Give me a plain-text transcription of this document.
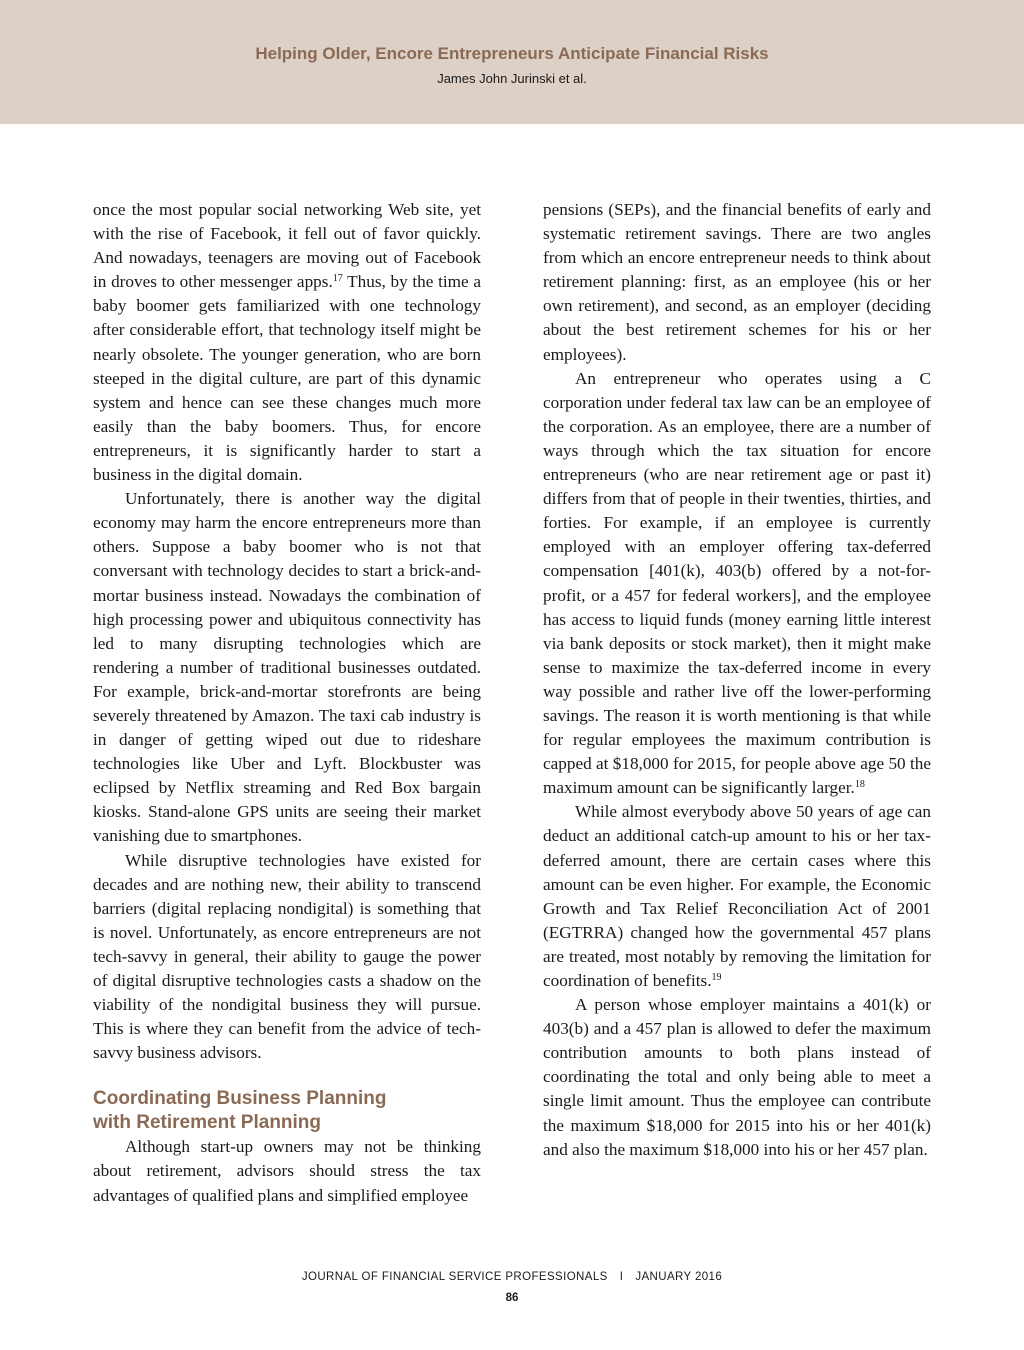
Helping Older, Encore Entrepreneurs Anticipate Financial Risks
James John Jurinski et al.

once the most popular social networking Web site, yet with the rise of Facebook, it fell out of favor quickly. And nowadays, teenagers are moving out of Facebook in droves to other messenger apps.$^{17}$ Thus, by the time a baby boomer gets familiarized with one technology after considerable effort, that technology itself might be nearly obsolete. The younger generation, who are born steeped in the digital culture, are part of this dynamic system and hence can see these changes much more easily than the baby boomers. Thus, for encore entrepreneurs, it is significantly harder to start a business in the digital domain.

Unfortunately, there is another way the digital economy may harm the encore entrepreneurs more than others. Suppose a baby boomer who is not that conversant with technology decides to start a brick-and-mortar business instead. Nowadays the combination of high processing power and ubiquitous connectivity has led to many disrupting technologies which are rendering a number of traditional businesses outdated. For example, brick-and-mortar storefronts are being severely threatened by Amazon. The taxi cab industry is in danger of getting wiped out due to rideshare technologies like Uber and Lyft. Blockbuster was eclipsed by Netflix streaming and Red Box bargain kiosks. Stand-alone GPS units are seeing their market vanishing due to smartphones.

While disruptive technologies have existed for decades and are nothing new, their ability to transcend barriers (digital replacing nondigital) is something that is novel. Unfortunately, as encore entrepreneurs are not tech-savvy in general, their ability to gauge the power of digital disruptive technologies casts a shadow on the viability of the nondigital business they will pursue. This is where they can benefit from the advice of tech-savvy business advisors.

Coordinating Business Planning
with Retirement Planning

Although start-up owners may not be thinking about retirement, advisors should stress the tax advantages of qualified plans and simplified employee

pensions (SEPs), and the financial benefits of early and systematic retirement savings. There are two angles from which an encore entrepreneur needs to think about retirement planning: first, as an employee (his or her own retirement), and second, as an employer (deciding about the best retirement schemes for his or her employees).

An entrepreneur who operates using a C corporation under federal tax law can be an employee of the corporation. As an employee, there are a number of ways through which the tax situation for encore entrepreneurs (who are near retirement age or past it) differs from that of people in their twenties, thirties, and forties. For example, if an employee is currently employed with an employer offering tax-deferred compensation [401(k), 403(b) offered by a not-for-profit, or a 457 for federal workers], and the employee has access to liquid funds (money earning little interest via bank deposits or stock market), then it might make sense to maximize the tax-deferred income in every way possible and rather live off the lower-performing savings. The reason it is worth mentioning is that while for regular employees the maximum contribution is capped at $18,000 for 2015, for people above age 50 the maximum amount can be significantly larger.$^{18}$

While almost everybody above 50 years of age can deduct an additional catch-up amount to his or her tax-deferred amount, there are certain cases where this amount can be even higher. For example, the Economic Growth and Tax Relief Reconciliation Act of 2001 (EGTRRA) changed how the governmental 457 plans are treated, most notably by removing the limitation for coordination of benefits.$^{19}$

A person whose employer maintains a 401(k) or 403(b) and a 457 plan is allowed to defer the maximum contribution amounts to both plans instead of coordinating the total and only being able to meet a single limit amount. Thus the employee can contribute the maximum $18,000 for 2015 into his or her 401(k) and also the maximum $18,000 into his or her 457 plan.

JOURNAL OF FINANCIAL SERVICE PROFESSIONALS I JANUARY 2016
86
